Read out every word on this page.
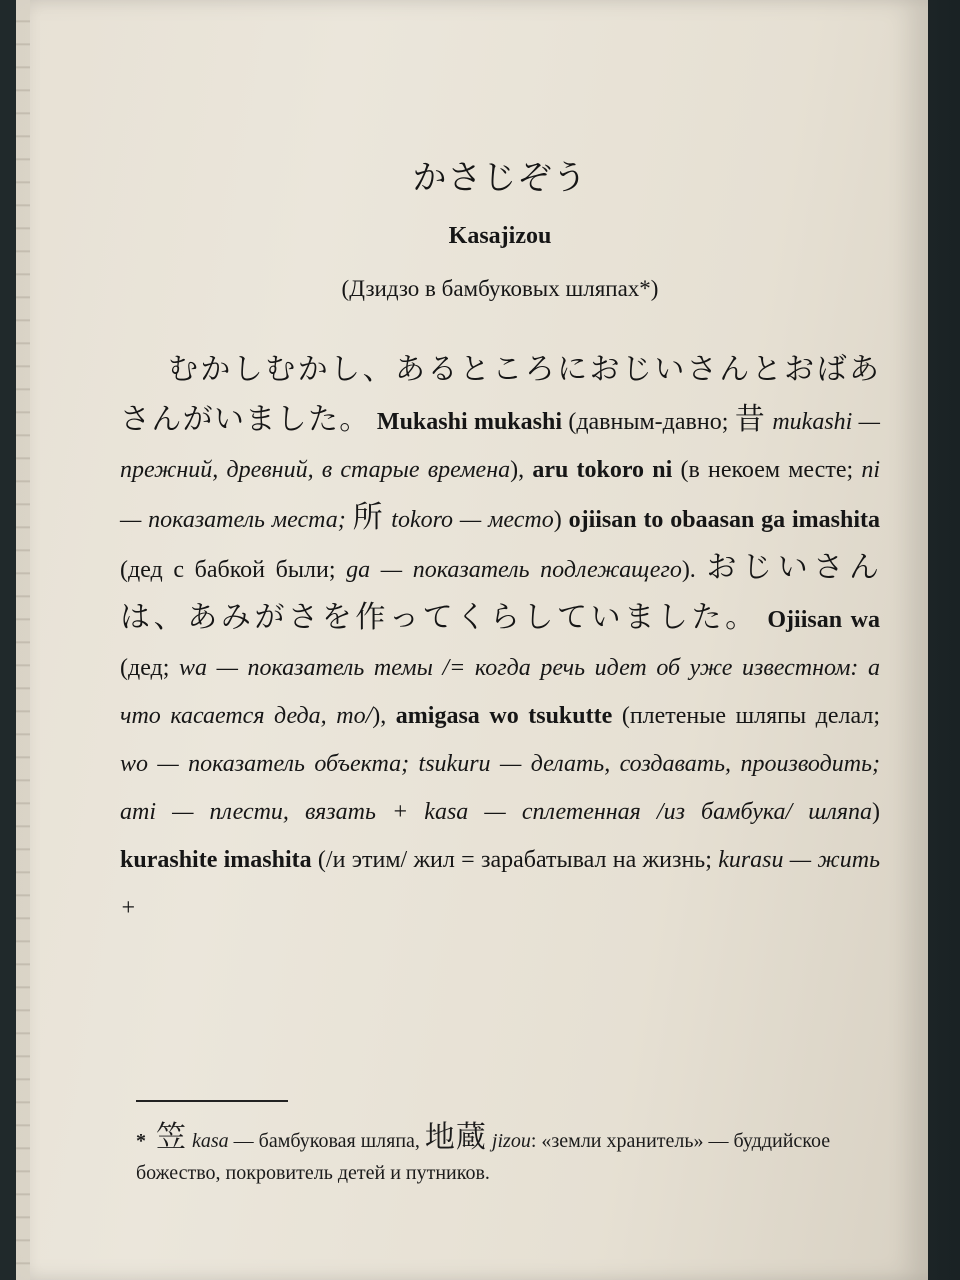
かさじぞう
Kasajizou
(Дзидзо в бамбуковых шляпах*)

むかしむかし、あるところにおじいさんとおばあさんがいました。 Mukashi mukashi (давным-давно; 昔 mukashi — прежний, древний, в старые времена), aru tokoro ni (в некоем месте; ni — показатель места; 所 tokoro — место) ojiisan to obaasan ga imashita (дед с бабкой были; ga — показатель подлежащего). おじいさんは、あみがさを作ってくらしていました。 Ojiisan wa (дед; wa — показатель темы /= когда речь идет об уже известном: а что касается деда, то/), amigasa wo tsukutte (плетеные шляпы делал; wo — показатель объекта; tsukuru — делать, создавать, производить; ami — плести, вязать + kasa — сплетенная /из бамбука/ шляпа) kurashite imashita (/и этим/ жил = зарабатывал на жизнь; kurasu — жить +

* 笠 kasa — бамбуковая шляпа, 地蔵 jizou: «земли хранитель» — буддийское божество, покровитель детей и путников.
